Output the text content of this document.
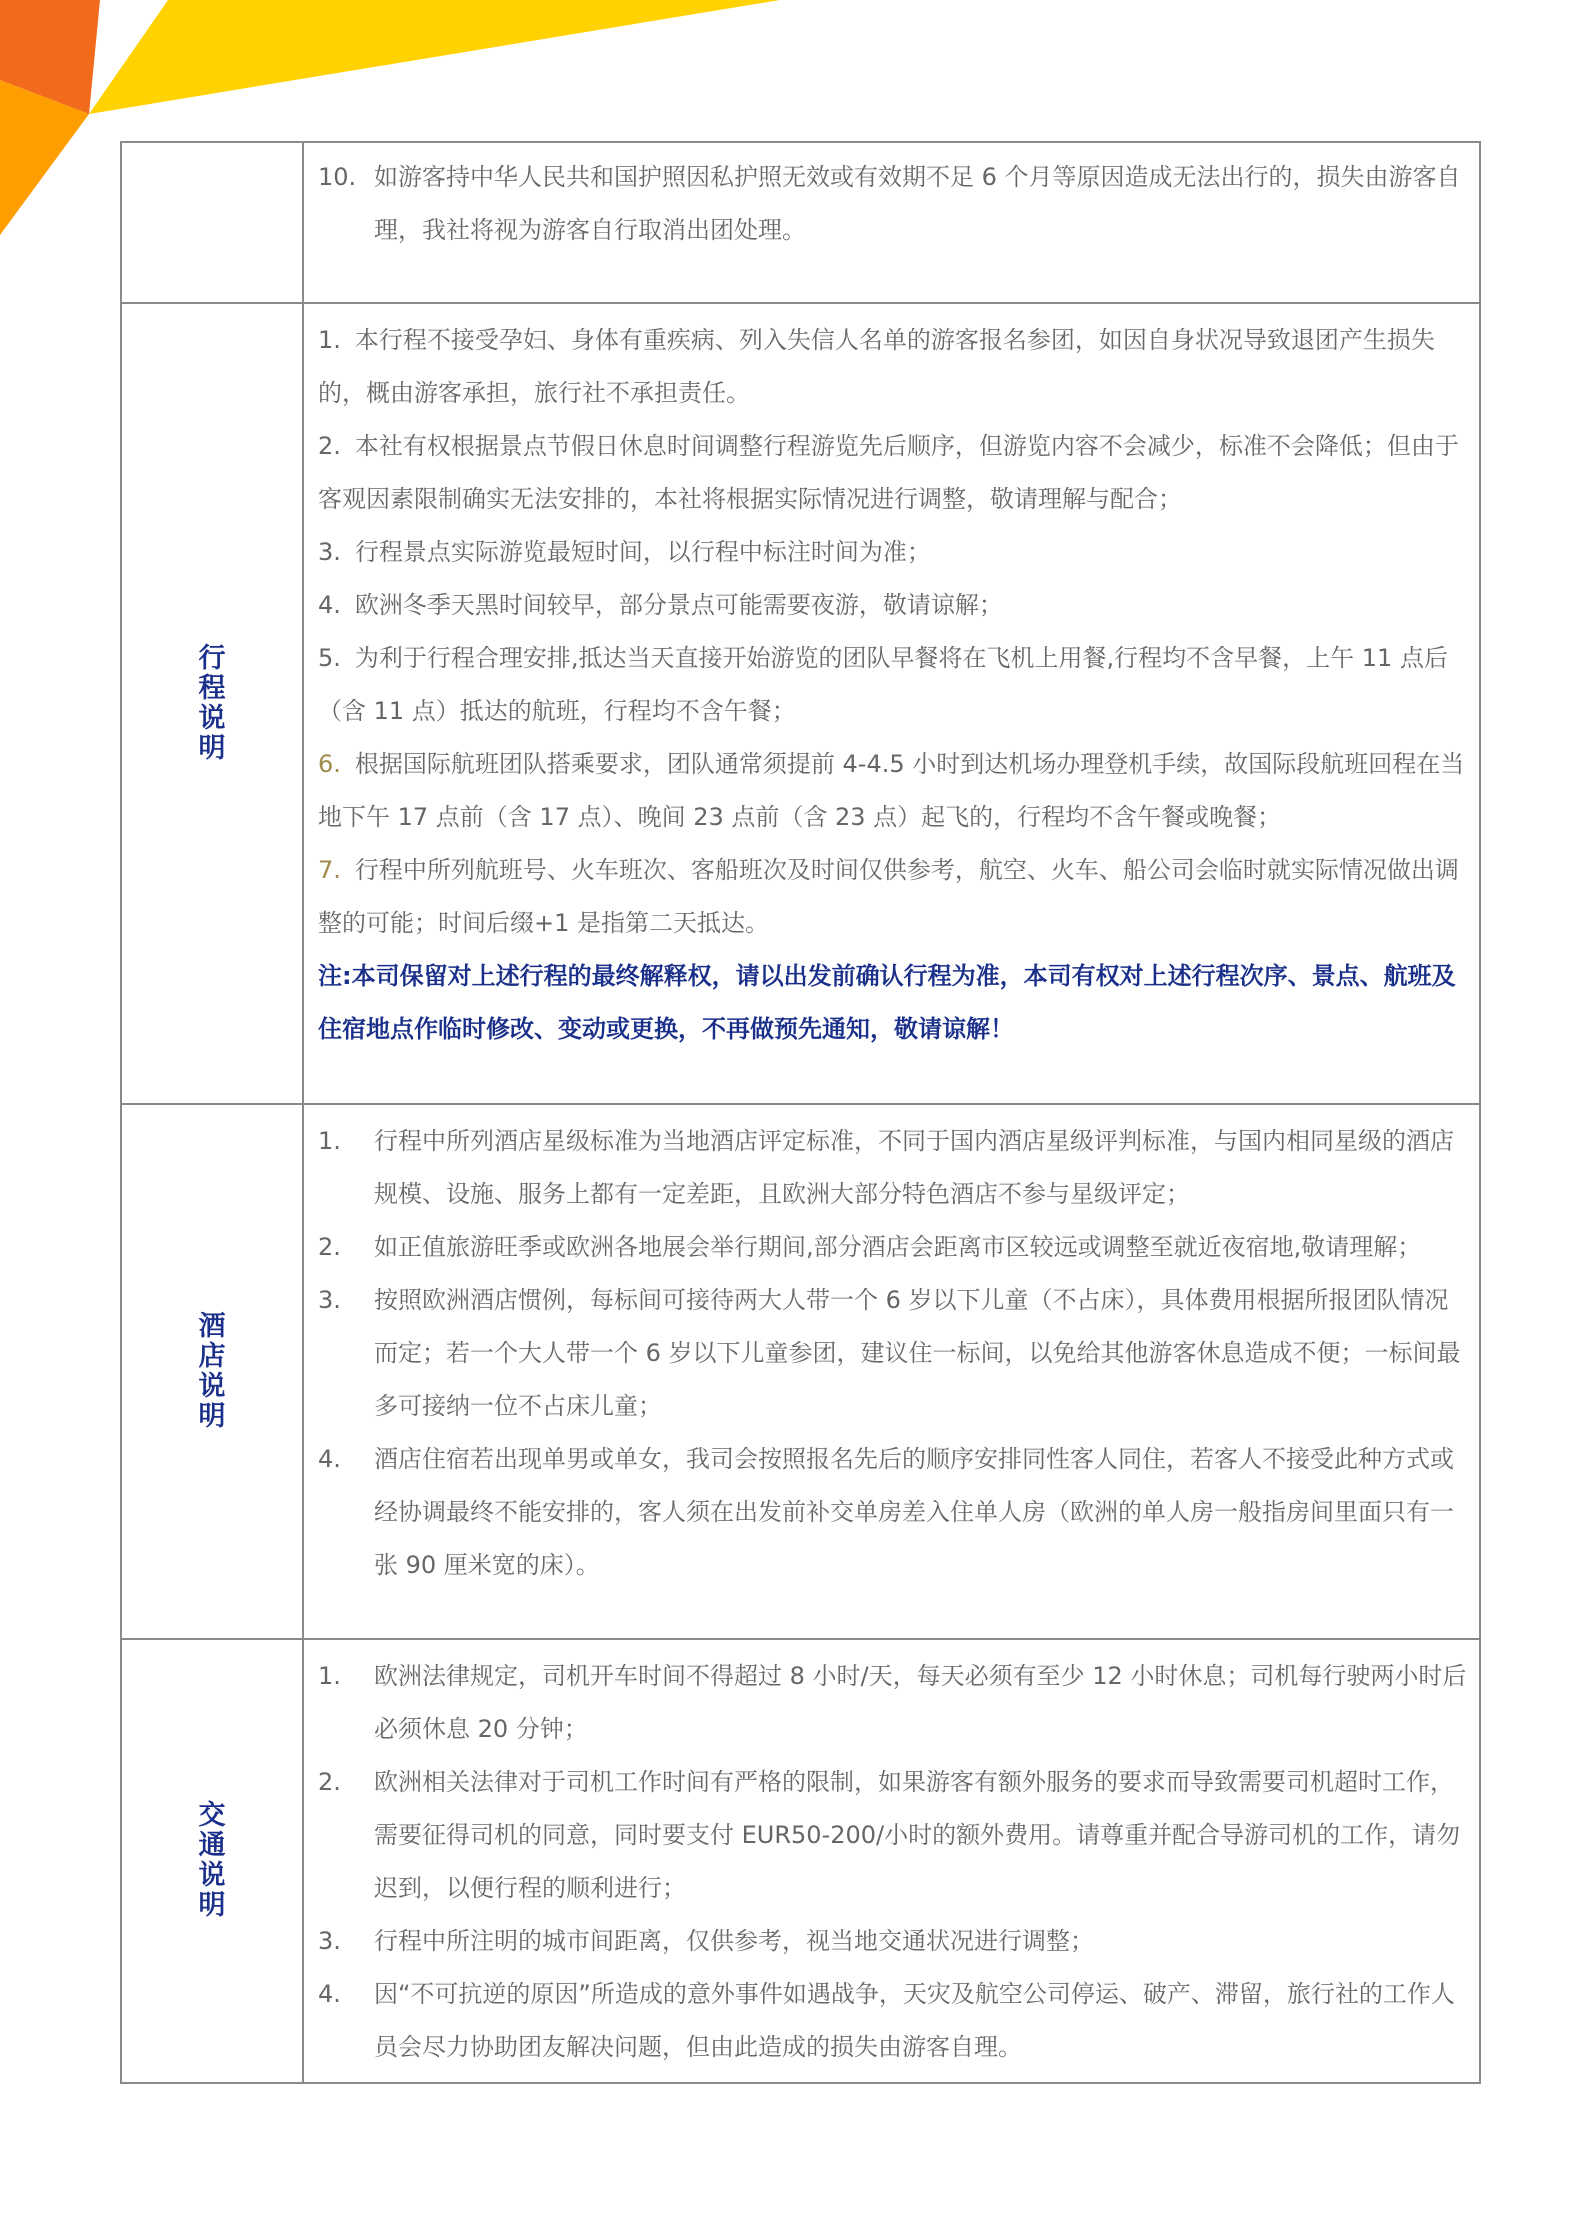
	10. 如游客持中华人民共和国护照因私护照无效或有效期不足 6 个月等原因造成无法出行的，损失由游客自理，我社将视为游客自行取消出团处理。

行程说明	
1. 本行程不接受孕妇、身体有重疾病、列入失信人名单的游客报名参团，如因自身状况导致退团产生损失的，概由游客承担，旅行社不承担责任。
2. 本社有权根据景点节假日休息时间调整行程游览先后顺序，但游览内容不会减少，标准不会降低；但由于客观因素限制确实无法安排的，本社将根据实际情况进行调整，敬请理解与配合；
3. 行程景点实际游览最短时间，以行程中标注时间为准；
4. 欧洲冬季天黑时间较早，部分景点可能需要夜游，敬请谅解；
5. 为利于行程合理安排,抵达当天直接开始游览的团队早餐将在飞机上用餐,行程均不含早餐，上午 11 点后（含 11 点）抵达的航班，行程均不含午餐；
6. 根据国际航班团队搭乘要求，团队通常须提前 4-4.5 小时到达机场办理登机手续，故国际段航班回程在当地下午 17 点前（含 17 点）、晚间 23 点前（含 23 点）起飞的，行程均不含午餐或晚餐；
7. 行程中所列航班号、火车班次、客船班次及时间仅供参考，航空、火车、船公司会临时就实际情况做出调整的可能；时间后缀+1 是指第二天抵达。
注:本司保留对上述行程的最终解释权，请以出发前确认行程为准，本司有权对上述行程次序、景点、航班及住宿地点作临时修改、变动或更换，不再做预先通知，敬请谅解！

酒店说明	
1. 行程中所列酒店星级标准为当地酒店评定标准，不同于国内酒店星级评判标准，与国内相同星级的酒店规模、设施、服务上都有一定差距，且欧洲大部分特色酒店不参与星级评定；
2. 如正值旅游旺季或欧洲各地展会举行期间,部分酒店会距离市区较远或调整至就近夜宿地,敬请理解；
3. 按照欧洲酒店惯例，每标间可接待两大人带一个 6 岁以下儿童（不占床），具体费用根据所报团队情况而定；若一个大人带一个 6 岁以下儿童参团，建议住一标间，以免给其他游客休息造成不便；一标间最多可接纳一位不占床儿童；
4. 酒店住宿若出现单男或单女，我司会按照报名先后的顺序安排同性客人同住，若客人不接受此种方式或经协调最终不能安排的，客人须在出发前补交单房差入住单人房（欧洲的单人房一般指房间里面只有一张 90 厘米宽的床）。

交通说明	
1. 欧洲法律规定，司机开车时间不得超过 8 小时/天，每天必须有至少 12 小时休息；司机每行驶两小时后必须休息 20 分钟；
2. 欧洲相关法律对于司机工作时间有严格的限制，如果游客有额外服务的要求而导致需要司机超时工作，需要征得司机的同意，同时要支付 EUR50-200/小时的额外费用。请尊重并配合导游司机的工作，请勿迟到，以便行程的顺利进行；
3. 行程中所注明的城市间距离，仅供参考，视当地交通状况进行调整；
4. 因“不可抗逆的原因”所造成的意外事件如遇战争，天灾及航空公司停运、破产、滞留，旅行社的工作人员会尽力协助团友解决问题，但由此造成的损失由游客自理。
